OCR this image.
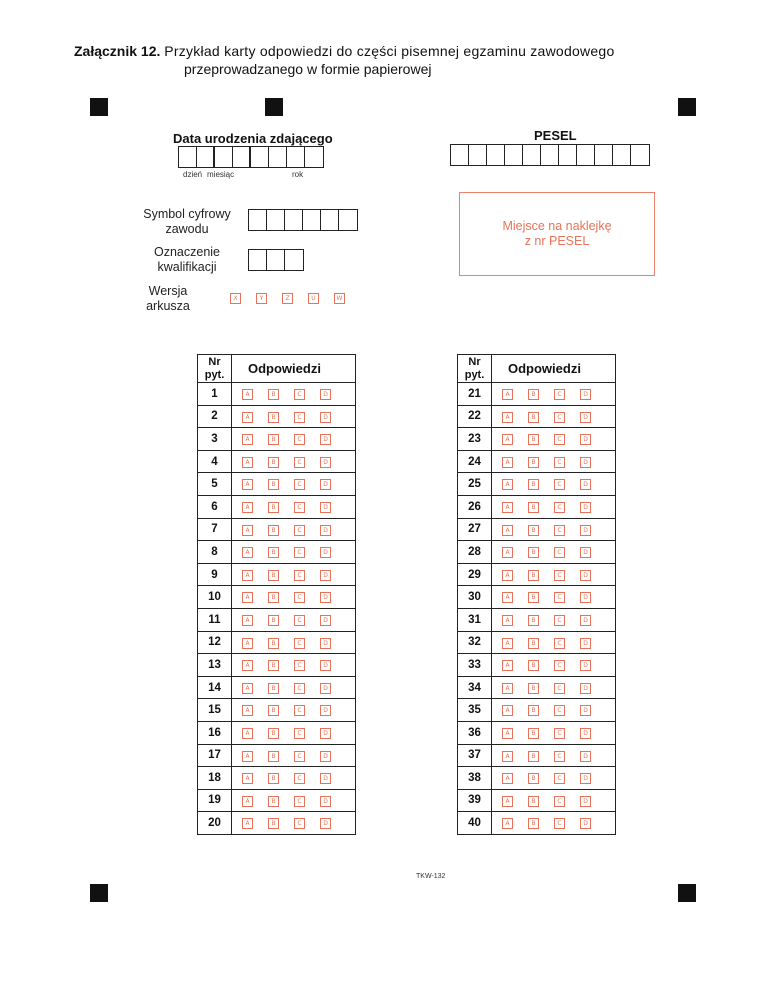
Załącznik 12. Przykład karty odpowiedzi do części pisemnej egzaminu zawodowego
przeprowadzanego w formie papierowej
Data urodzenia zdającego
dzień miesiąc	rok
PESEL
Miejsce na naklejkę
z nr PESEL
Symbol cyfrowy
zawodu
Oznaczenie
kwalifikacji
Wersja
arkusza
X	Y	Z	U	W
Nr
pyt.	Odpowiedzi
1	A B C D

2	A B C D

3	A B C D

4	A B C D

5	A B C D

6	A B C D

7	A B C D

8	A B C D

9	A B C D

10	A B C D

11	A B C D

12	A B C D

13	A B C D

14	A B C D

15	A B C D

16	A B C D

17	A B C D

18	A B C D

19	A B C D

20	A B C D
Nr
pyt.	Odpowiedzi
21	A B C D

22	A B C D

23	A B C D

24	A B C D

25	A B C D

26	A B C D

27	A B C D

28	A B C D

29	A B C D

30	A B C D

31	A B C D

32	A B C D

33	A B C D

34	A B C D

35	A B C D

36	A B C D

37	A B C D

38	A B C D

39	A B C D

40	A B C D
TKW-132
